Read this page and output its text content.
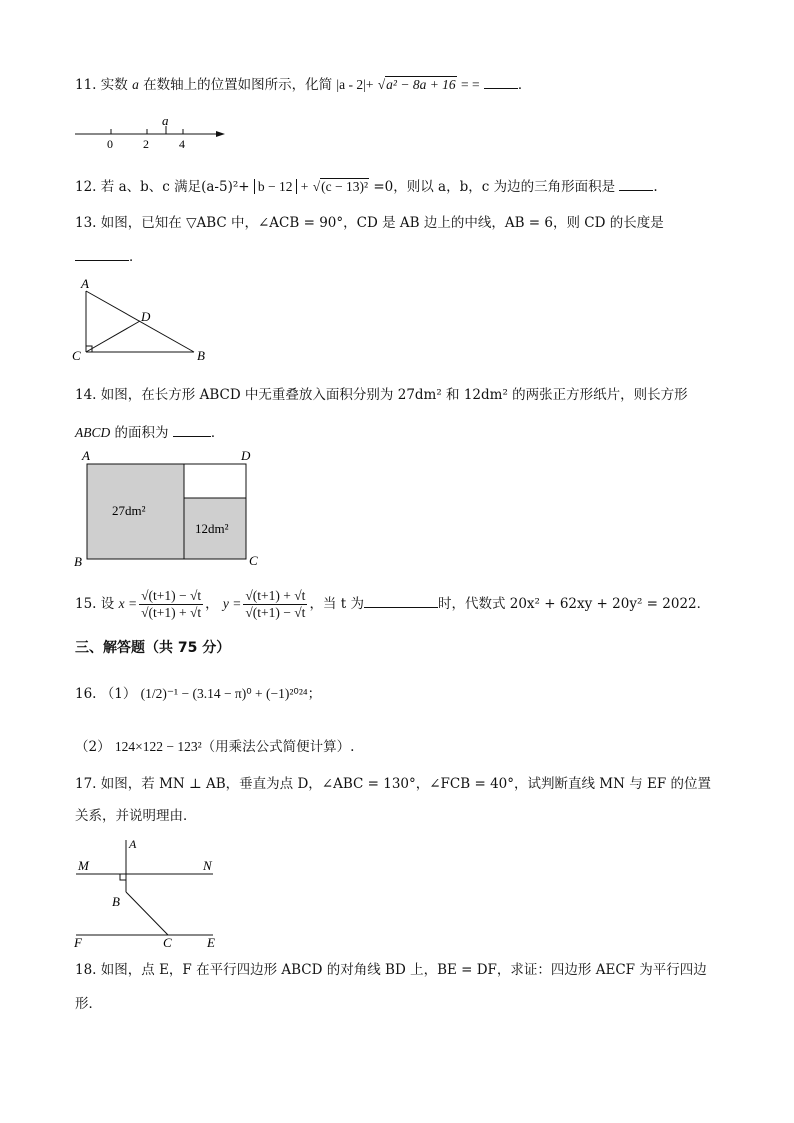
11. 实数 a 在数轴上的位置如图所示，化简 |a - 2|+ √a² − 8a + 16 = =	．
a
0	2	4
12. 若 a、b、c 满足(a-5)²+ b − 12 + √(c − 13)² =0，则以 a，b，c 为边的三角形面积是	.
13. 如图，已知在 ▽ABC 中，∠ACB = 90°，CD 是 AB 边上的中线，AB = 6，则 CD 的长度是
．
A
D
C	B
14. 如图，在长方形 ABCD 中无重叠放入面积分别为 27dm² 和 12dm² 的两张正方形纸片，则长方形
ABCD 的面积为	．
A	D
B	C
27dm²
12dm²
15. 设 $x = \frac{√(t+1) - √t}{√(t+1) + √t}$ ， $y = \frac{√(t+1) + √t}{√(t+1) - √t}$ ，当 t 为	时，代数式 20x² + 62xy + 20y² = 2022．
三、解答题（共 75 分）
16. （1） (1/2)⁻¹ − (3.14 − π)⁰ + (−1)²⁰²⁴；
（2） 124×122 − 123²（用乘法公式简便计算）.
17. 如图，若 MN ⊥ AB，垂直为点 D，∠ABC = 130°，∠FCB = 40°，试判断直线 MN 与 EF 的位置
关系，并说明理由．
A
M	N
B
F	C	E
18. 如图，点 E，F 在平行四边形 ABCD 的对角线 BD 上，BE = DF，求证：四边形 AECF 为平行四边
形．
